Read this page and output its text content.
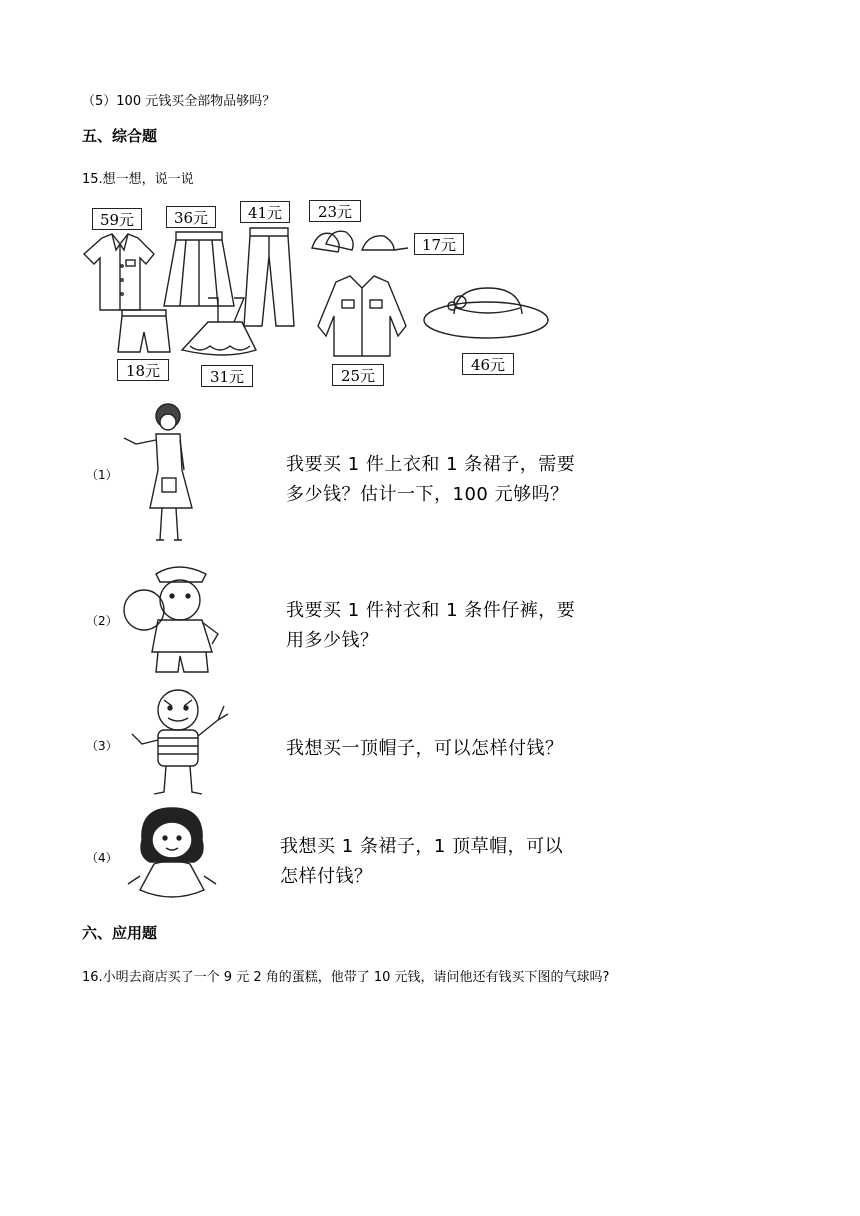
（5）100 元钱买全部物品够吗？
五、综合题
15.想一想，说一说
59元	36元	41元	23元
17元
18元	31元	25元
46元
（1）	我要买 1 件上衣和 1 条裙子，需要
多少钱？估计一下，100 元够吗？
（2）	我要买 1 件衬衣和 1 条件仔裤，要
用多少钱？
（3）	我想买一顶帽子，可以怎样付钱？
（4）
我想买 1 条裙子，1 顶草帽，可以
怎样付钱？
六、应用题
16.小明去商店买了一个 9 元 2 角的蛋糕，他带了 10 元钱，请问他还有钱买下图的气球吗?
